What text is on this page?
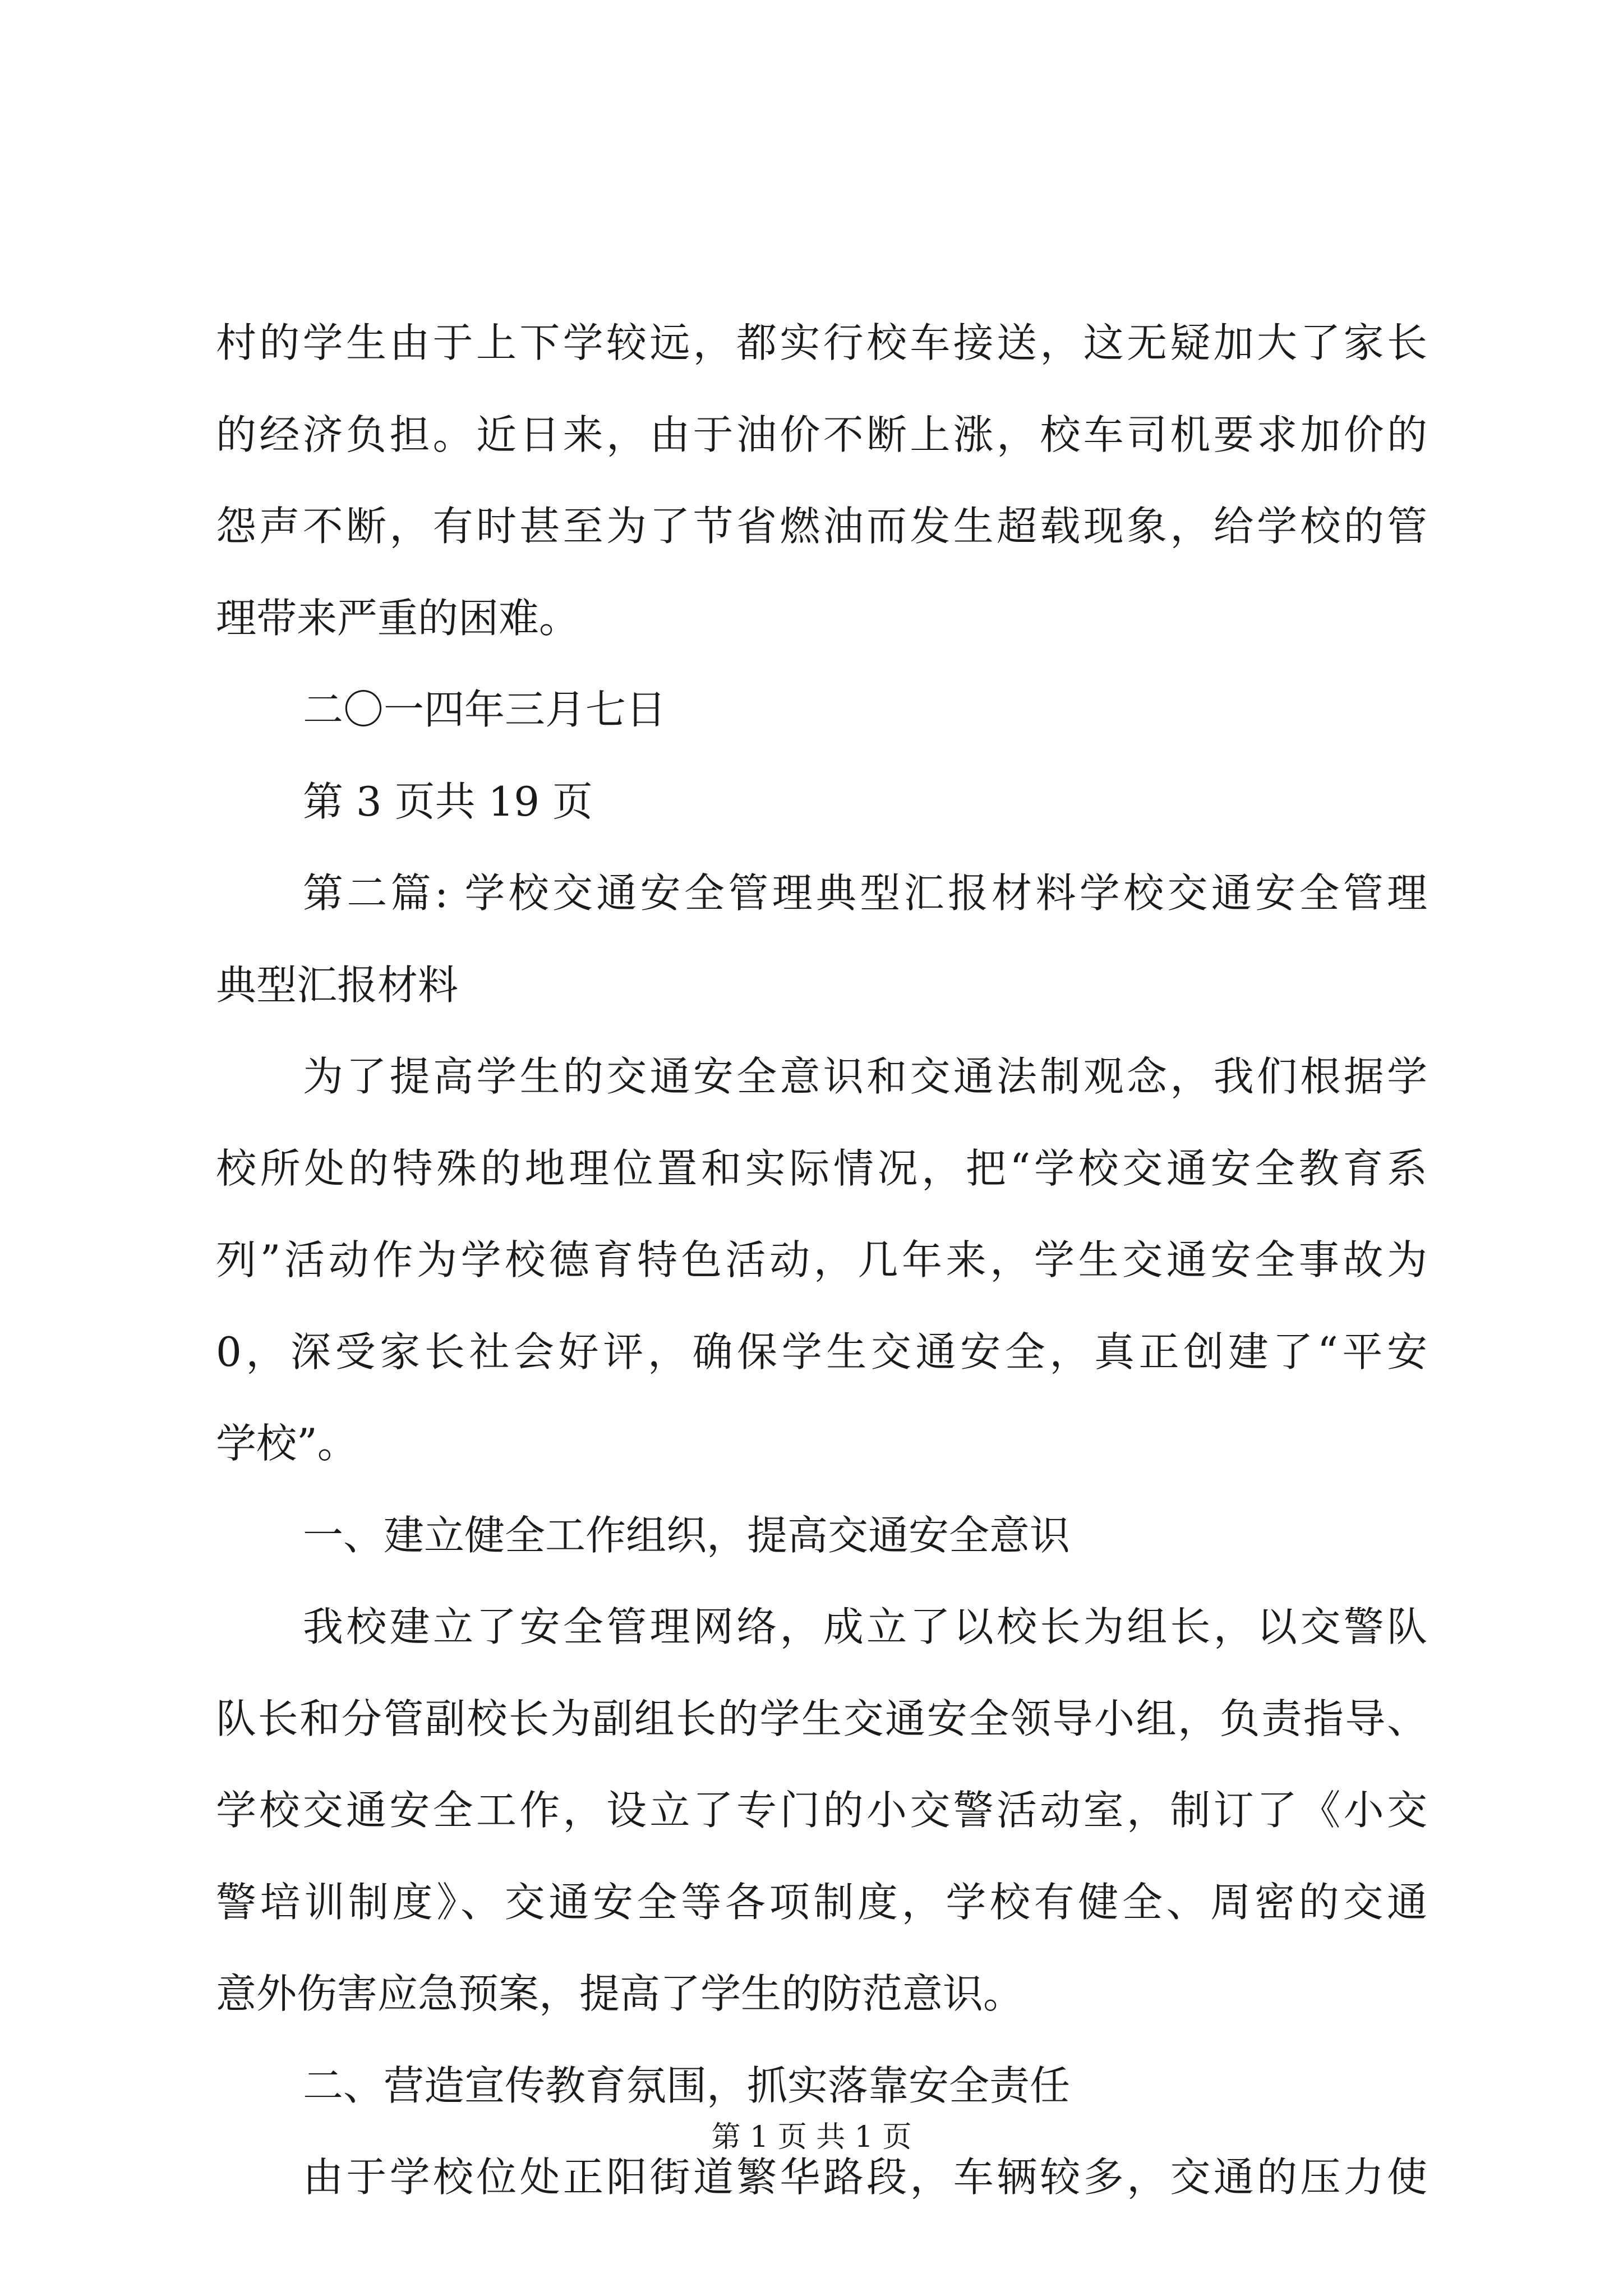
村的学生由于上下学较远，都实行校车接送，这无疑加大了家长
的经济负担。近日来，由于油价不断上涨，校车司机要求加价的
怨声不断，有时甚至为了节省燃油而发生超载现象，给学校的管
理带来严重的困难。
二〇一四年三月七日
第 3 页共 19 页
第二篇: 学校交通安全管理典型汇报材料学校交通安全管理
典型汇报材料
为了提高学生的交通安全意识和交通法制观念，我们根据学
校所处的特殊的地理位置和实际情况，把“学校交通安全教育系
列”活动作为学校德育特色活动，几年来，学生交通安全事故为
0，深受家长社会好评，确保学生交通安全，真正创建了“平安
学校”。
一、建立健全工作组织，提高交通安全意识
我校建立了安全管理网络，成立了以校长为组长，以交警队
队长和分管副校长为副组长的学生交通安全领导小组，负责指导、
学校交通安全工作，设立了专门的小交警活动室，制订了《小交
警培训制度》、交通安全等各项制度，学校有健全、周密的交通
意外伤害应急预案，提高了学生的防范意识。
二、营造宣传教育氛围，抓实落靠安全责任
由于学校位处正阳街道繁华路段，车辆较多，交通的压力使
第 1 页 共 1 页
